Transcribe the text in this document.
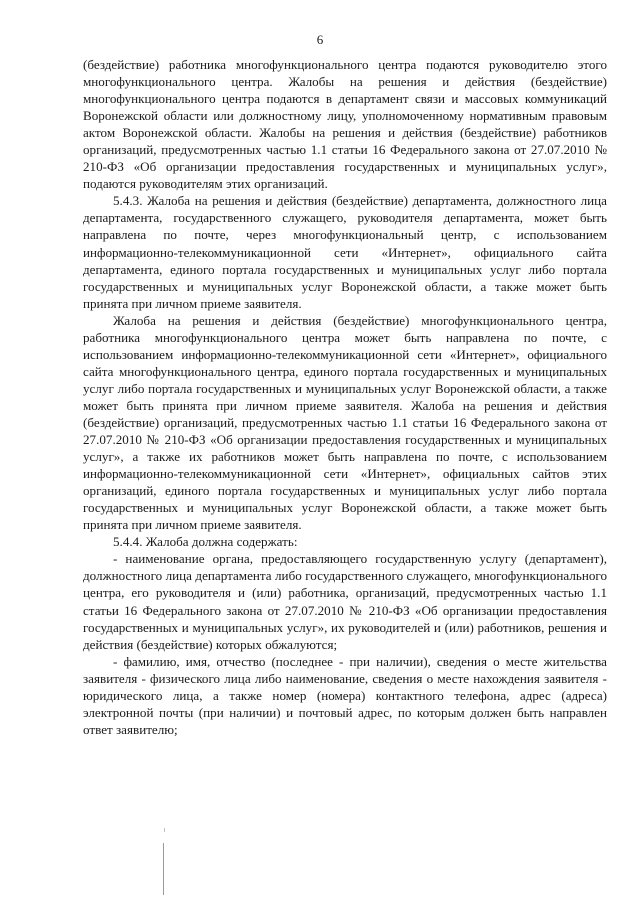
6

(бездействие) работника многофункционального центра подаются руководителю этого многофункционального центра. Жалобы на решения и действия (бездействие) многофункционального центра подаются в департамент связи и массовых коммуникаций Воронежской области или должностному лицу, уполномоченному нормативным правовым актом Воронежской области. Жалобы на решения и действия (бездействие) работников организаций, предусмотренных частью 1.1 статьи 16 Федерального закона от 27.07.2010 № 210-ФЗ «Об организации предоставления государственных и муниципальных услуг», подаются руководителям этих организаций.

5.4.3. Жалоба на решения и действия (бездействие) департамента, должностного лица департамента, государственного служащего, руководителя департамента, может быть направлена по почте, через многофункциональный центр, с использованием информационно-телекоммуникационной сети «Интернет», официального сайта департамента, единого портала государственных и муниципальных услуг либо портала государственных и муниципальных услуг Воронежской области, а также может быть принята при личном приеме заявителя.

Жалоба на решения и действия (бездействие) многофункционального центра, работника многофункционального центра может быть направлена по почте, с использованием информационно-телекоммуникационной сети «Интернет», официального сайта многофункционального центра, единого портала государственных и муниципальных услуг либо портала государственных и муниципальных услуг Воронежской области, а также может быть принята при личном приеме заявителя. Жалоба на решения и действия (бездействие) организаций, предусмотренных частью 1.1 статьи 16 Федерального закона от 27.07.2010 № 210-ФЗ «Об организации предоставления государственных и муниципальных услуг», а также их работников может быть направлена по почте, с использованием информационно-телекоммуникационной сети «Интернет», официальных сайтов этих организаций, единого портала государственных и муниципальных услуг либо портала государственных и муниципальных услуг Воронежской области, а также может быть принята при личном приеме заявителя.

5.4.4. Жалоба должна содержать:

- наименование органа, предоставляющего государственную услугу (департамент), должностного лица департамента либо государственного служащего, многофункционального центра, его руководителя и (или) работника, организаций, предусмотренных частью 1.1 статьи 16 Федерального закона от 27.07.2010 № 210-ФЗ «Об организации предоставления государственных и муниципальных услуг», их руководителей и (или) работников, решения и действия (бездействие) которых обжалуются;

- фамилию, имя, отчество (последнее - при наличии), сведения о месте жительства заявителя - физического лица либо наименование, сведения о месте нахождения заявителя - юридического лица, а также номер (номера) контактного телефона, адрес (адреса) электронной почты (при наличии) и почтовый адрес, по которым должен быть направлен ответ заявителю;
